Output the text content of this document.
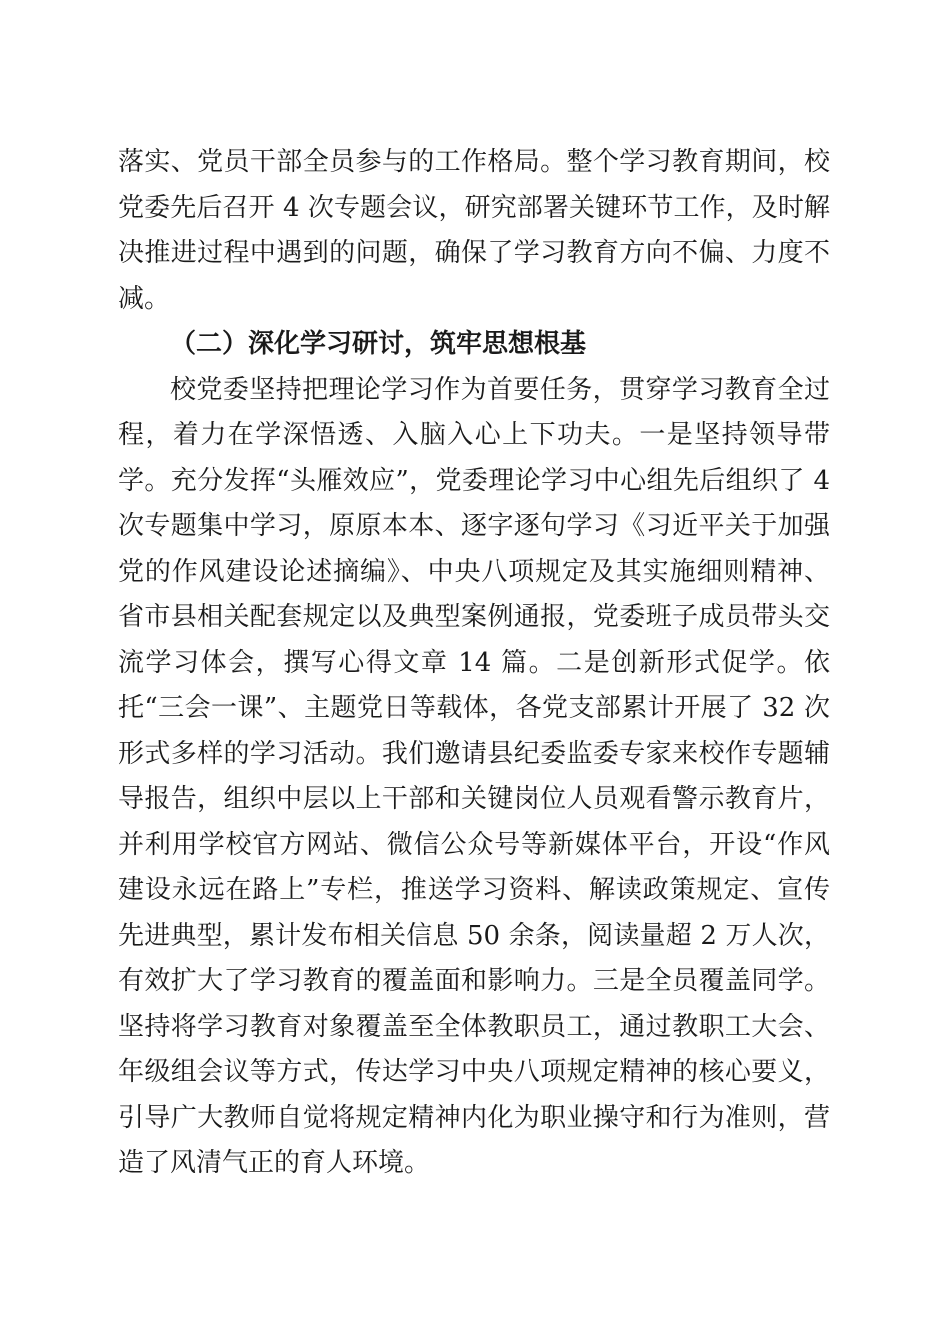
落实、党员干部全员参与的工作格局。整个学习教育期间，校党委先后召开 4 次专题会议，研究部署关键环节工作，及时解决推进过程中遇到的问题，确保了学习教育方向不偏、力度不减。

（二）深化学习研讨，筑牢思想根基

校党委坚持把理论学习作为首要任务，贯穿学习教育全过程，着力在学深悟透、入脑入心上下功夫。一是坚持领导带学。充分发挥“头雁效应”，党委理论学习中心组先后组织了 4 次专题集中学习，原原本本、逐字逐句学习《习近平关于加强党的作风建设论述摘编》、中央八项规定及其实施细则精神、省市县相关配套规定以及典型案例通报，党委班子成员带头交流学习体会，撰写心得文章 14 篇。二是创新形式促学。依托“三会一课”、主题党日等载体，各党支部累计开展了 32 次形式多样的学习活动。我们邀请县纪委监委专家来校作专题辅导报告，组织中层以上干部和关键岗位人员观看警示教育片，并利用学校官方网站、微信公众号等新媒体平台，开设“作风建设永远在路上”专栏，推送学习资料、解读政策规定、宣传先进典型，累计发布相关信息 50 余条，阅读量超 2 万人次，有效扩大了学习教育的覆盖面和影响力。三是全员覆盖同学。坚持将学习教育对象覆盖至全体教职员工，通过教职工大会、年级组会议等方式，传达学习中央八项规定精神的核心要义，引导广大教师自觉将规定精神内化为职业操守和行为准则，营造了风清气正的育人环境。
